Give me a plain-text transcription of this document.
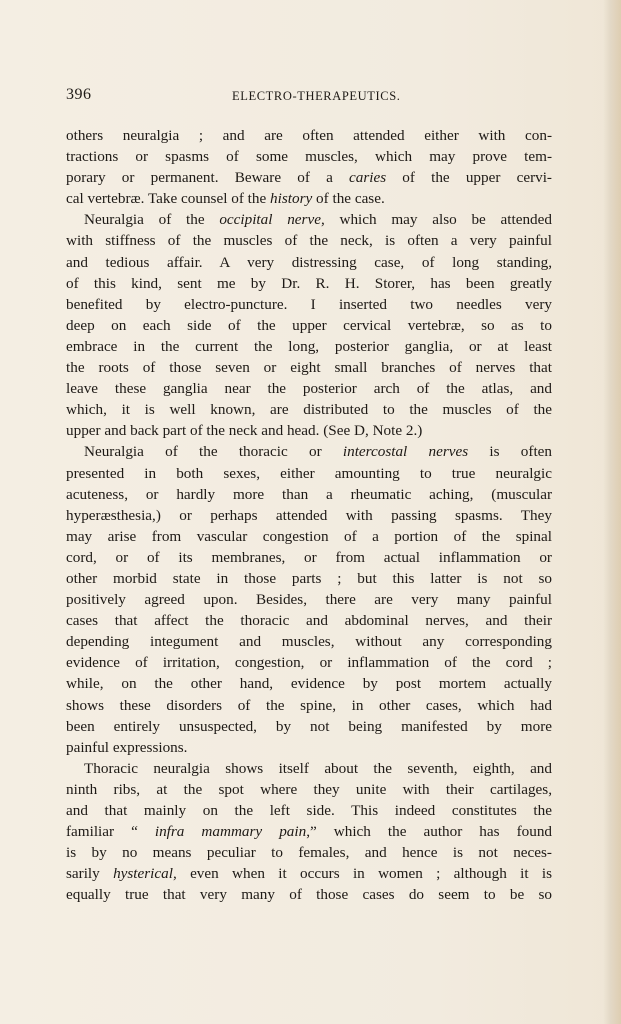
396	ELECTRO-THERAPEUTICS.
others neuralgia ; and are often attended either with con-
tractions or spasms of some muscles, which may prove tem-
porary or permanent. Beware of a caries of the upper cervi-
cal vertebræ. Take counsel of the history of the case.
Neuralgia of the occipital nerve, which may also be attended
with stiffness of the muscles of the neck, is often a very painful
and tedious affair. A very distressing case, of long standing,
of this kind, sent me by Dr. R. H. Storer, has been greatly
benefited by electro-puncture. I inserted two needles very
deep on each side of the upper cervical vertebræ, so as to
embrace in the current the long, posterior ganglia, or at least
the roots of those seven or eight small branches of nerves that
leave these ganglia near the posterior arch of the atlas, and
which, it is well known, are distributed to the muscles of the
upper and back part of the neck and head. (See D, Note 2.)
Neuralgia of the thoracic or intercostal nerves is often
presented in both sexes, either amounting to true neuralgic
acuteness, or hardly more than a rheumatic aching, (muscular
hyperæsthesia,) or perhaps attended with passing spasms. They
may arise from vascular congestion of a portion of the spinal
cord, or of its membranes, or from actual inflammation or
other morbid state in those parts ; but this latter is not so
positively agreed upon. Besides, there are very many painful
cases that affect the thoracic and abdominal nerves, and their
depending integument and muscles, without any corresponding
evidence of irritation, congestion, or inflammation of the cord ;
while, on the other hand, evidence by post mortem actually
shows these disorders of the spine, in other cases, which had
been entirely unsuspected, by not being manifested by more
painful expressions.
Thoracic neuralgia shows itself about the seventh, eighth, and
ninth ribs, at the spot where they unite with their cartilages,
and that mainly on the left side. This indeed constitutes the
familiar “ infra mammary pain,” which the author has found
is by no means peculiar to females, and hence is not neces-
sarily hysterical, even when it occurs in women ; although it is
equally true that very many of those cases do seem to be so
